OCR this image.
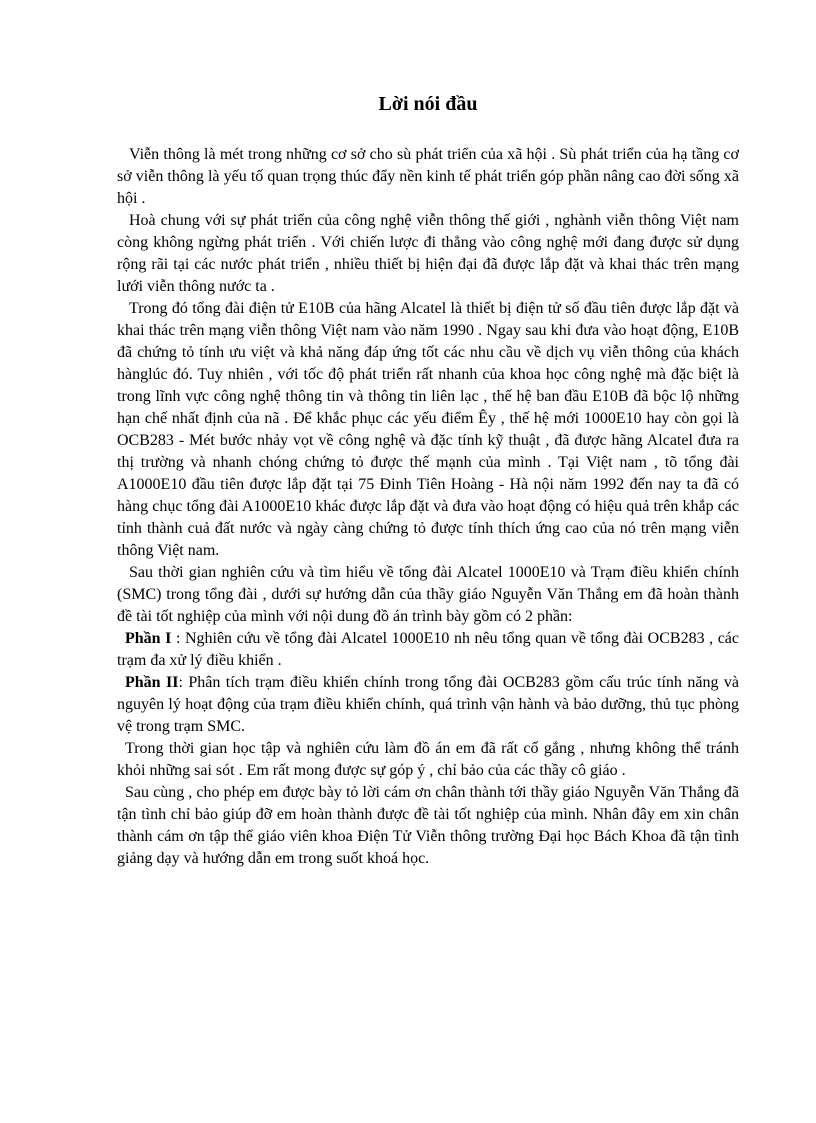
Lời nói đầu

Viễn thông là mét trong những cơ sở cho sù phát triển của xã hội . Sù phát triển của hạ tầng cơ sở viễn thông là yếu tố quan trọng thúc đẩy nền kinh tế phát triển góp phần nâng cao đời sống xã hội .

Hoà chung với sự phát triển của công nghệ viễn thông thế giới , nghành viễn thông Việt nam còng không ngừng phát triển . Với chiến lược đi thẳng vào công nghệ mới đang được sử dụng rộng rãi tại các nước phát triển , nhiều thiết bị hiện đại đã được lắp đặt và khai thác trên mạng lưới viễn thông nước ta .

Trong đó tổng đài điện tử E10B của hãng Alcatel là thiết bị điện tử số đầu tiên được lắp đặt và khai thác trên mạng viễn thông Việt nam vào năm 1990 . Ngay sau khi đưa vào hoạt động, E10B đã chứng tỏ tính ưu việt và khả năng đáp ứng tốt các nhu cầu về dịch vụ viễn thông của khách hànglúc đó. Tuy nhiên , với tốc độ phát triển rất nhanh của khoa học công nghệ mà đặc biệt là trong lĩnh vực công nghệ thông tin và thông tin liên lạc , thế hệ ban đầu E10B đã bộc lộ những hạn chế nhất định của nã . Để khắc phục các yếu điểm Êy , thế hệ mới 1000E10 hay còn gọi là OCB283 - Mét bước nhảy vọt về công nghệ và đặc tính kỹ thuật , đã được hãng Alcatel đưa ra thị trường và nhanh chóng chứng tỏ được thế mạnh của mình . Tại Việt nam , tõ tổng đài A1000E10 đầu tiên được lắp đặt tại 75 Đinh Tiên Hoàng - Hà nội năm 1992 đến nay ta đã có hàng chục tổng đài A1000E10 khác được lắp đặt và đưa vào hoạt động có hiệu quả trên khắp các tỉnh thành cuả đất nước và ngày càng chứng tỏ được tính thích ứng cao của nó trên mạng viễn thông Việt nam.

Sau thời gian nghiên cứu và tìm hiểu về tổng đài Alcatel 1000E10 và Trạm điều khiển chính (SMC) trong tổng đài , dưới sự hướng dẫn của thầy giáo Nguyễn Văn Thắng em đã hoàn thành đề tài tốt nghiệp của mình với nội dung đồ án trình bày gồm có 2 phần:

Phần I : Nghiên cứu về tổng đài Alcatel 1000E10 nh nêu tổng quan về tổng đài OCB283 , các trạm đa xử lý điều khiển .

Phần II: Phân tích trạm điều khiển chính trong tổng đài OCB283 gồm cấu trúc tính năng và nguyên lý hoạt động của trạm điều khiển chính, quá trình vận hành và bảo dưỡng, thủ tục phòng vệ trong trạm SMC.

Trong thời gian học tập và nghiên cứu làm đồ án em đã rất cố gắng , nhưng không thể tránh khỏi những sai sót . Em rất mong được sự góp ý , chỉ bảo của các thầy cô giáo .

Sau cùng , cho phép em được bày tỏ lời cám ơn chân thành tới thầy giáo Nguyễn Văn Thắng đã tận tình chỉ bảo giúp đỡ em hoàn thành được đề tài tốt nghiệp của mình. Nhân đây em xin chân thành cám ơn tập thể giáo viên khoa Điện Tử Viễn thông trường Đại học Bách Khoa đã tận tình giảng dạy và hướng dẫn em trong suốt khoá học.
